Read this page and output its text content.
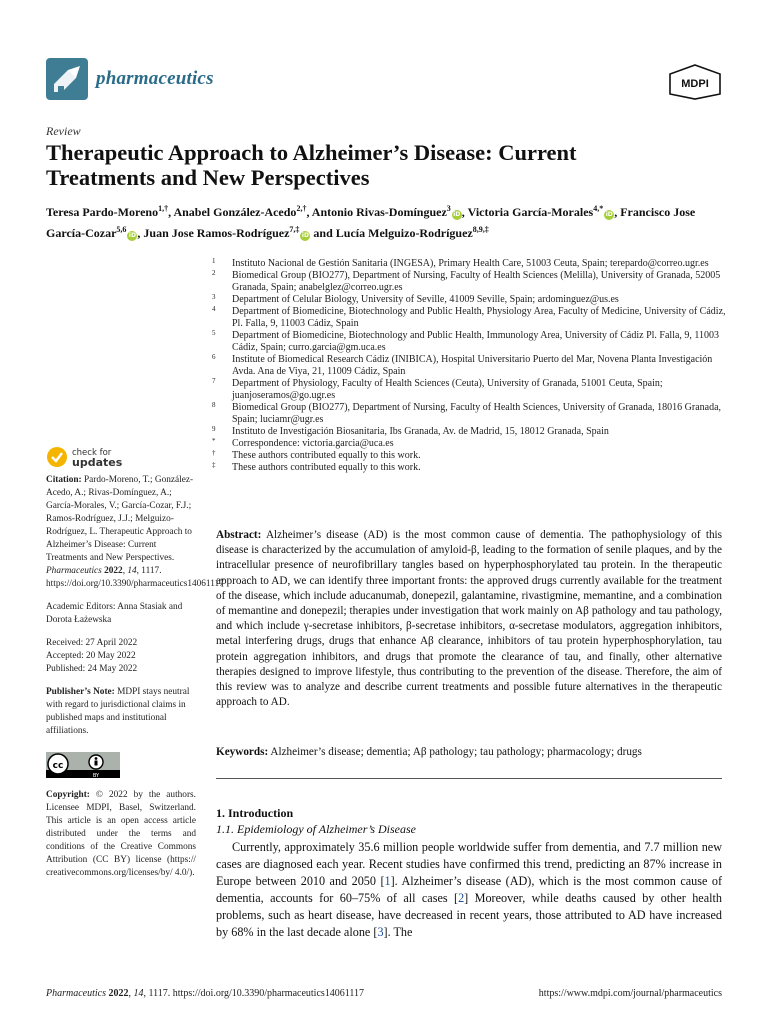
pharmaceutics	MDPI
Review
Therapeutic Approach to Alzheimer’s Disease: Current Treatments and New Perspectives
Teresa Pardo-Moreno$^{1,\dagger}$, Anabel González-Acedo$^{2,\dagger}$, Antonio Rivas-Domínguez$^3$iD, Victoria García-Morales$^{4,*}$iD, Francisco Jose García-Cozar$^{5,6}$iD, Juan Jose Ramos-Rodríguez$^{7,\ddagger}$iD and Lucía Melguizo-Rodríguez$^{8,9,\ddagger}$
1 Instituto Nacional de Gestión Sanitaria (INGESA), Primary Health Care, 51003 Ceuta, Spain; terepardo@correo.ugr.es
2 Biomedical Group (BIO277), Department of Nursing, Faculty of Health Sciences (Melilla), University of Granada, 52005 Granada, Spain; anabelglez@correo.ugr.es
3 Department of Celular Biology, University of Seville, 41009 Seville, Spain; ardominguez@us.es
4 Department of Biomedicine, Biotechnology and Public Health, Physiology Area, Faculty of Medicine, University of Cádiz, Pl. Falla, 9, 11003 Cádiz, Spain
5 Department of Biomedicine, Biotechnology and Public Health, Immunology Area, University of Cádiz Pl. Falla, 9, 11003 Cádiz, Spain; curro.garcia@gm.uca.es
6 Institute of Biomedical Research Cádiz (INIBICA), Hospital Universitario Puerto del Mar, Novena Planta Investigación Avda. Ana de Viya, 21, 11009 Cádiz, Spain
7 Department of Physiology, Faculty of Health Sciences (Ceuta), University of Granada, 51001 Ceuta, Spain; juanjoseramos@go.ugr.es
8 Biomedical Group (BIO277), Department of Nursing, Faculty of Health Sciences, University of Granada, 18016 Granada, Spain; luciamr@ugr.es
9 Instituto de Investigación Biosanitaria, Ibs Granada, Av. de Madrid, 15, 18012 Granada, Spain
* Correspondence: victoria.garcia@uca.es
† These authors contributed equally to this work.
‡ These authors contributed equally to this work.
check for
updates
Citation: Pardo-Moreno, T.; González-Acedo, A.; Rivas-Domínguez, A.; García-Morales, V.; García-Cozar, F.J.; Ramos-Rodríguez, J.J.; Melguizo-Rodríguez, L. Therapeutic Approach to Alzheimer’s Disease: Current Treatments and New Perspectives. Pharmaceutics 2022, 14, 1117. https://doi.org/10.3390/pharmaceutics14061117
Academic Editors: Anna Stasiak and Dorota Łażewska
Received: 27 April 2022
Accepted: 20 May 2022
Published: 24 May 2022
Publisher’s Note: MDPI stays neutral with regard to jurisdictional claims in published maps and institutional affiliations.
cc
BY
Copyright: © 2022 by the authors. Licensee MDPI, Basel, Switzerland. This article is an open access article distributed under the terms and conditions of the Creative Commons Attribution (CC BY) license (https:// creativecommons.org/licenses/by/ 4.0/).
Abstract: Alzheimer’s disease (AD) is the most common cause of dementia. The pathophysiology of this disease is characterized by the accumulation of amyloid-β, leading to the formation of senile plaques, and by the intracellular presence of neurofibrillary tangles based on hyperphosphorylated tau protein. In the therapeutic approach to AD, we can identify three important fronts: the approved drugs currently available for the treatment of the disease, which include aducanumab, donepezil, galantamine, rivastigmine, memantine, and a combination of memantine and donepezil; therapies under investigation that work mainly on Aβ pathology and tau pathology, and which include γ-secretase inhibitors, β-secretase inhibitors, α-secretase modulators, aggregation inhibitors, metal interfering drugs, drugs that enhance Aβ clearance, inhibitors of tau protein hyperphosphorylation, tau protein aggregation inhibitors, and drugs that promote the clearance of tau, and finally, other alternative therapies designed to improve lifestyle, thus contributing to the prevention of the disease. Therefore, the aim of this review was to analyze and describe current treatments and possible future alternatives in the therapeutic approach to AD.
Keywords: Alzheimer’s disease; dementia; Aβ pathology; tau pathology; pharmacology; drugs
1. Introduction
1.1. Epidemiology of Alzheimer’s Disease
Currently, approximately 35.6 million people worldwide suffer from dementia, and 7.7 million new cases are diagnosed each year. Recent studies have confirmed this trend, predicting an 87% increase in Europe between 2010 and 2050 [1]. Alzheimer’s disease (AD), which is the most common cause of dementia, accounts for 60–75% of all cases [2] Moreover, while deaths caused by other health problems, such as heart disease, have decreased in recent years, those attributed to AD have increased by 68% in the last decade alone [3]. The
Pharmaceutics 2022, 14, 1117. https://doi.org/10.3390/pharmaceutics14061117	https://www.mdpi.com/journal/pharmaceutics
